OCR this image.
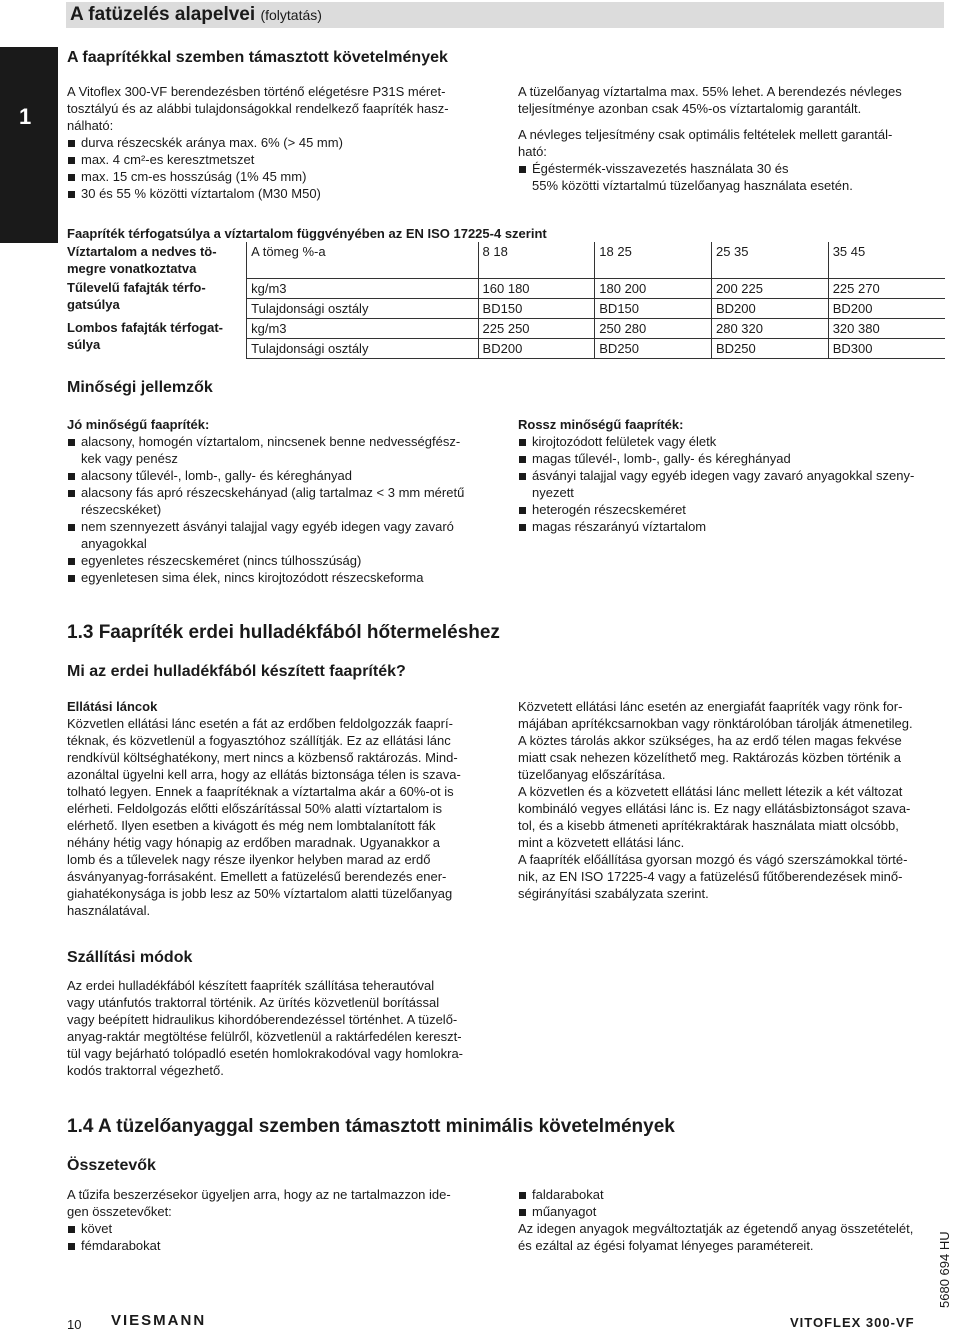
A fatüzelés alapelvei (folytatás)
1
A faaprítékkal szemben támasztott követelmények

A Vitoflex 300-VF berendezésben történő elégetésre P31S méret-
tosztályú és az alábbi tulajdonságokkal rendelkező faapríték hasz-
nálható:

durva részecskék aránya max. 6% (> 45 mm)
max. 4 cm²-es keresztmetszet
max. 15 cm-es hosszúság (1% 45 mm)
30 és 55 % közötti víztartalom (M30 M50)

A tüzelőanyag víztartalma max. 55% lehet. A berendezés névleges
teljesítménye azonban csak 45%-os víztartalomig garantált.

A névleges teljesítmény csak optimális feltételek mellett garantál-
ható:

Égéstermék-visszavezetés használata 30 és
55% közötti víztartalmú tüzelőanyag használata esetén.
Faapríték térfogatsúlya a víztartalom függvényében az EN ISO 17225-4 szerint
Víztartalom a nedves tö-
megre vonatkoztatva	A tömeg %-a	8 18	18 25	25 35	35 45
Tűlevelű fafajták térfo-
gatsúlya	kg/m3	160 180	180 200	200 225	225 270
	Tulajdonsági osztály	BD150	BD150	BD200	BD200
Lombos fafajták térfogat-
súlya	kg/m3	225 250	250 280	280 320	320 380
	Tulajdonsági osztály	BD200	BD250	BD250	BD300
Minőségi jellemzők
Jó minőségű faapríték:
alacsony, homogén víztartalom, nincsenek benne nedvességfész-
kek vagy penész
alacsony tűlevél-, lomb-, gally- és kéreghányad
alacsony fás apró részecskehányad (alig tartalmaz < 3 mm méretű
részecskéket)
nem szennyezett ásványi talajjal vagy egyéb idegen vagy zavaró
anyagokkal
egyenletes részecskeméret (nincs túlhosszúság)
egyenletesen sima élek, nincs kirojtozódott részecskeforma
Rossz minőségű faapríték:
kirojtozódott felületek vagy életk
magas tűlevél-, lomb-, gally- és kéreghányad
ásványi talajjal vagy egyéb idegen vagy zavaró anyagokkal szeny-
nyezett
heterogén részecskeméret
magas részarányú víztartalom
1.3 Faapríték erdei hulladékfából hőtermeléshez
Mi az erdei hulladékfából készített faapríték?
Ellátási láncok

Közvetlen ellátási lánc esetén a fát az erdőben feldolgozzák faaprí-
téknak, és közvetlenül a fogyasztóhoz szállítják. Ez az ellátási lánc
rendkívül költséghatékony, mert nincs a közbenső raktározás. Mind-
azonáltal ügyelni kell arra, hogy az ellátás biztonsága télen is szava-
tolható legyen. Ennek a faaprítéknak a víztartalma akár a 60%-ot is
elérheti. Feldolgozás előtti előszárítással 50% alatti víztartalom is
elérhető. Ilyen esetben a kivágott és még nem lombtalanított fák
néhány hétig vagy hónapig az erdőben maradnak. Ugyanakkor a
lomb és a tűlevelek nagy része ilyenkor helyben marad az erdő
ásványanyag-forrásaként. Emellett a fatüzelésű berendezés ener-
giahatékonysága is jobb lesz az 50% víztartalom alatti tüzelőanyag
használatával.

Közvetett ellátási lánc esetén az energiafát faapríték vagy rönk for-
májában aprítékcsarnokban vagy rönktárolóban tárolják átmenetileg.
A köztes tárolás akkor szükséges, ha az erdő télen magas fekvése
miatt csak nehezen közelíthető meg. Raktározás közben történik a
tüzelőanyag előszárítása.

A közvetlen és a közvetett ellátási lánc mellett létezik a két változat
kombináló vegyes ellátási lánc is. Ez nagy ellátásbiztonságot szava-
tol, és a kisebb átmeneti aprítékraktárak használata miatt olcsóbb,
mint a közvetett ellátási lánc.

A faapríték előállítása gyorsan mozgó és vágó szerszámokkal törté-
nik, az EN ISO 17225-4 vagy a fatüzelésű fűtőberendezések minő-
ségirányítási szabályzata szerint.

Szállítási módok

Az erdei hulladékfából készített faapríték szállítása teherautóval
vagy utánfutós traktorral történik. Az ürítés közvetlenül borítással
vagy beépített hidraulikus kihordóberendezéssel történhet. A tüzelő-
anyag-raktár megtöltése felülről, közvetlenül a raktárfedélen kereszt-
tül vagy bejárható tolópadló esetén homlokrakodóval vagy homlokra-
kodós traktorral végezhető.

1.4 A tüzelőanyaggal szemben támasztott minimális követelmények
Összetevők

A tűzifa beszerzésekor ügyeljen arra, hogy az ne tartalmazzon ide-
gen összetevőket:

követ
fémdarabokat
faldarabokat
műanyagot

Az idegen anyagok megváltoztatják az égetendő anyag összetételét,
és ezáltal az égési folyamat lényeges paramétereit.

10 VIESMANN	VITOFLEX 300-VF
5680 694 HU
